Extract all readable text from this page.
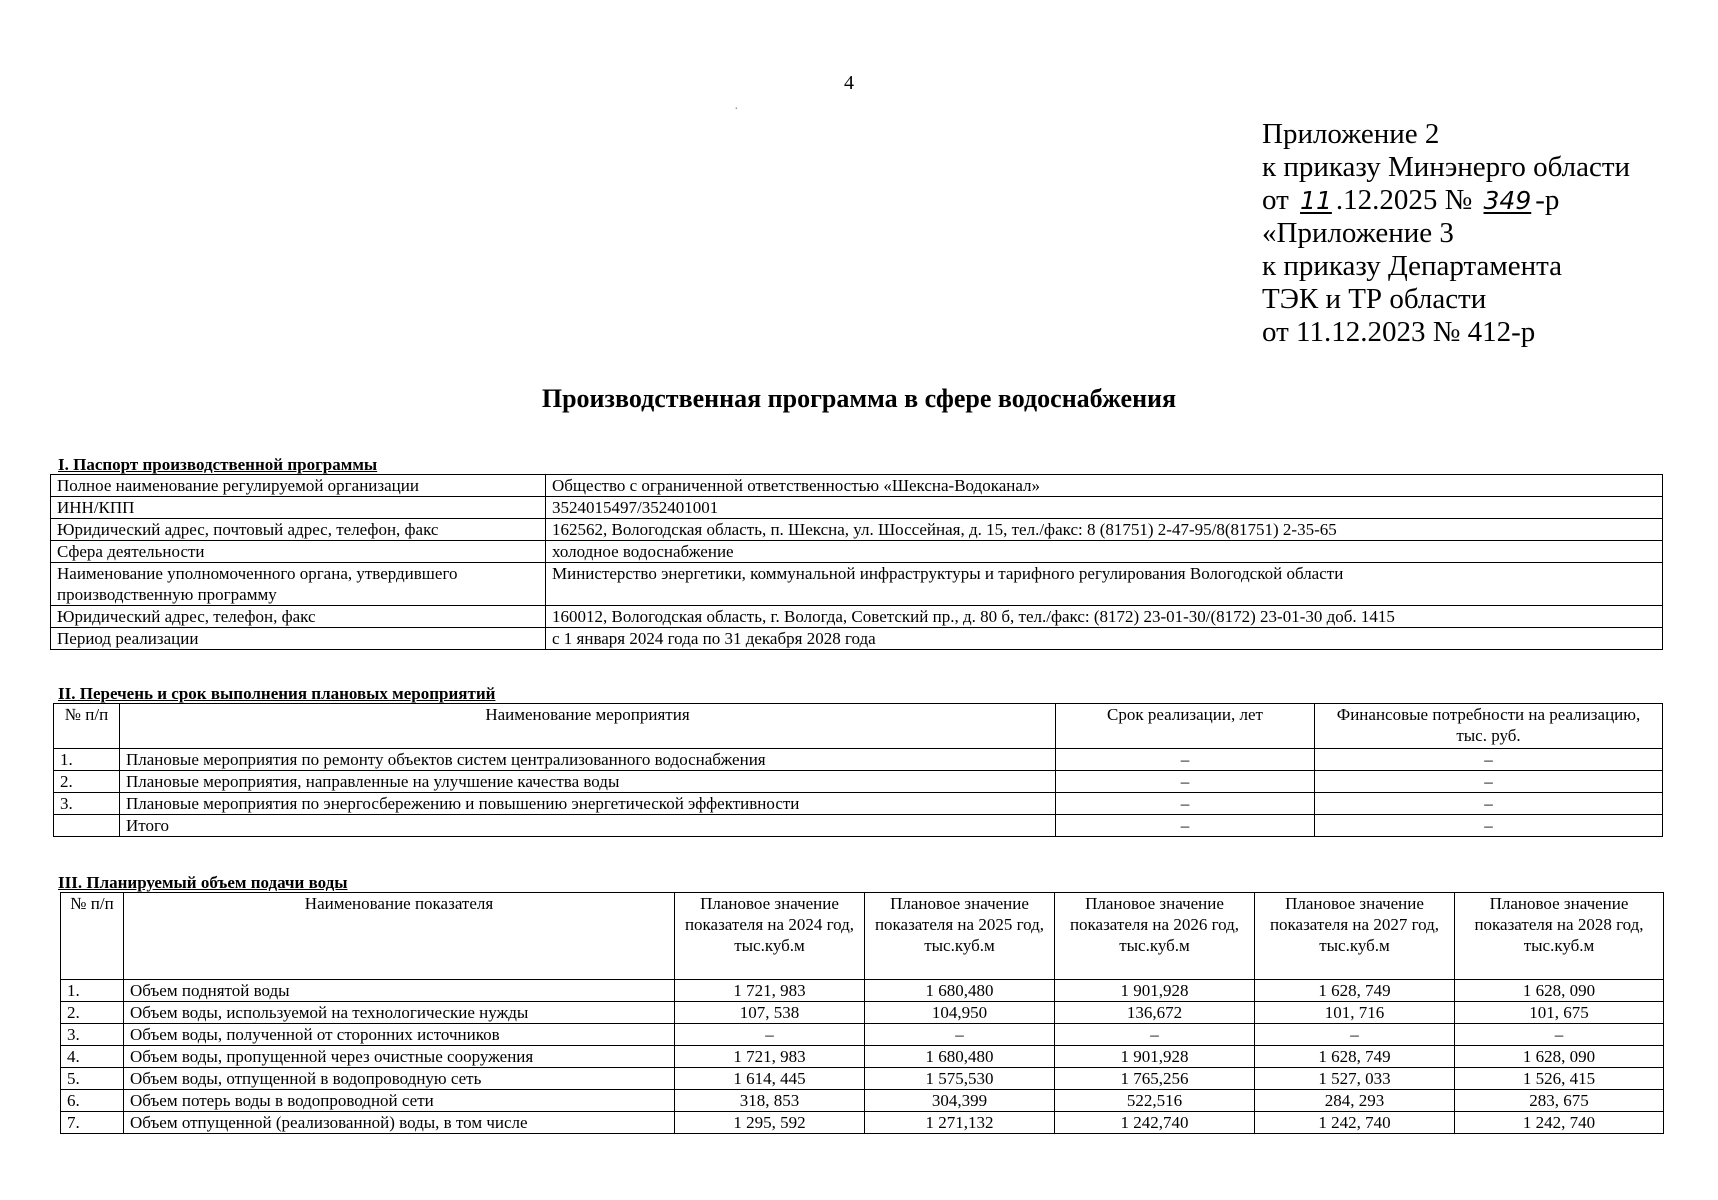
4
·
Приложение 2
к приказу Минэнерго области
от 11 .12.2025 № 349 -р
«Приложение 3
к приказу Департамента
ТЭК и ТР области
от 11.12.2023 № 412-р
Производственная программа в сфере водоснабжения
I. Паспорт производственной программы
Полное наименование регулируемой организации	Общество с ограниченной ответственностью «Шексна-Водоканал»
ИНН/КПП	3524015497/352401001
Юридический адрес, почтовый адрес, телефон, факс	162562, Вологодская область, п. Шексна, ул. Шоссейная, д. 15, тел./факс: 8 (81751) 2-47-95/8(81751) 2-35-65
Сфера деятельности	холодное водоснабжение
Наименование уполномоченного органа, утвердившего производственную программу	Министерство энергетики, коммунальной инфраструктуры и тарифного регулирования Вологодской области
Юридический адрес, телефон, факс	160012, Вологодская область, г. Вологда, Советский пр., д. 80 б, тел./факс: (8172) 23-01-30/(8172) 23-01-30 доб. 1415
Период реализации	с 1 января 2024 года по 31 декабря 2028 года
II. Перечень и срок выполнения плановых мероприятий
№ п/п	Наименование мероприятия	Срок реализации, лет	Финансовые потребности на реализацию, тыс. руб.
1.	Плановые мероприятия по ремонту объектов систем централизованного водоснабжения	–	–
2.	Плановые мероприятия, направленные на улучшение качества воды	–	–
3.	Плановые мероприятия по энергосбережению и повышению энергетической эффективности	–	–
	Итого	–	–
III. Планируемый объем подачи воды
№ п/п	Наименование показателя	Плановое значение показателя на 2024 год, тыс.куб.м	Плановое значение показателя на 2025 год, тыс.куб.м	Плановое значение показателя на 2026 год, тыс.куб.м	Плановое значение показателя на 2027 год, тыс.куб.м	Плановое значение показателя на 2028 год, тыс.куб.м
1.	Объем поднятой воды	1 721, 983	1 680,480	1 901,928	1 628, 749	1 628, 090
2.	Объем воды, используемой на технологические нужды	107, 538	104,950	136,672	101, 716	101, 675
3.	Объем воды, полученной от сторонних источников	–	–	–	–	–
4.	Объем воды, пропущенной через очистные сооружения	1 721, 983	1 680,480	1 901,928	1 628, 749	1 628, 090
5.	Объем воды, отпущенной в водопроводную сеть	1 614, 445	1 575,530	1 765,256	1 527, 033	1 526, 415
6.	Объем потерь воды в водопроводной сети	318, 853	304,399	522,516	284, 293	283, 675
7.	Объем отпущенной (реализованной) воды, в том числе	1 295, 592	1 271,132	1 242,740	1 242, 740	1 242, 740
